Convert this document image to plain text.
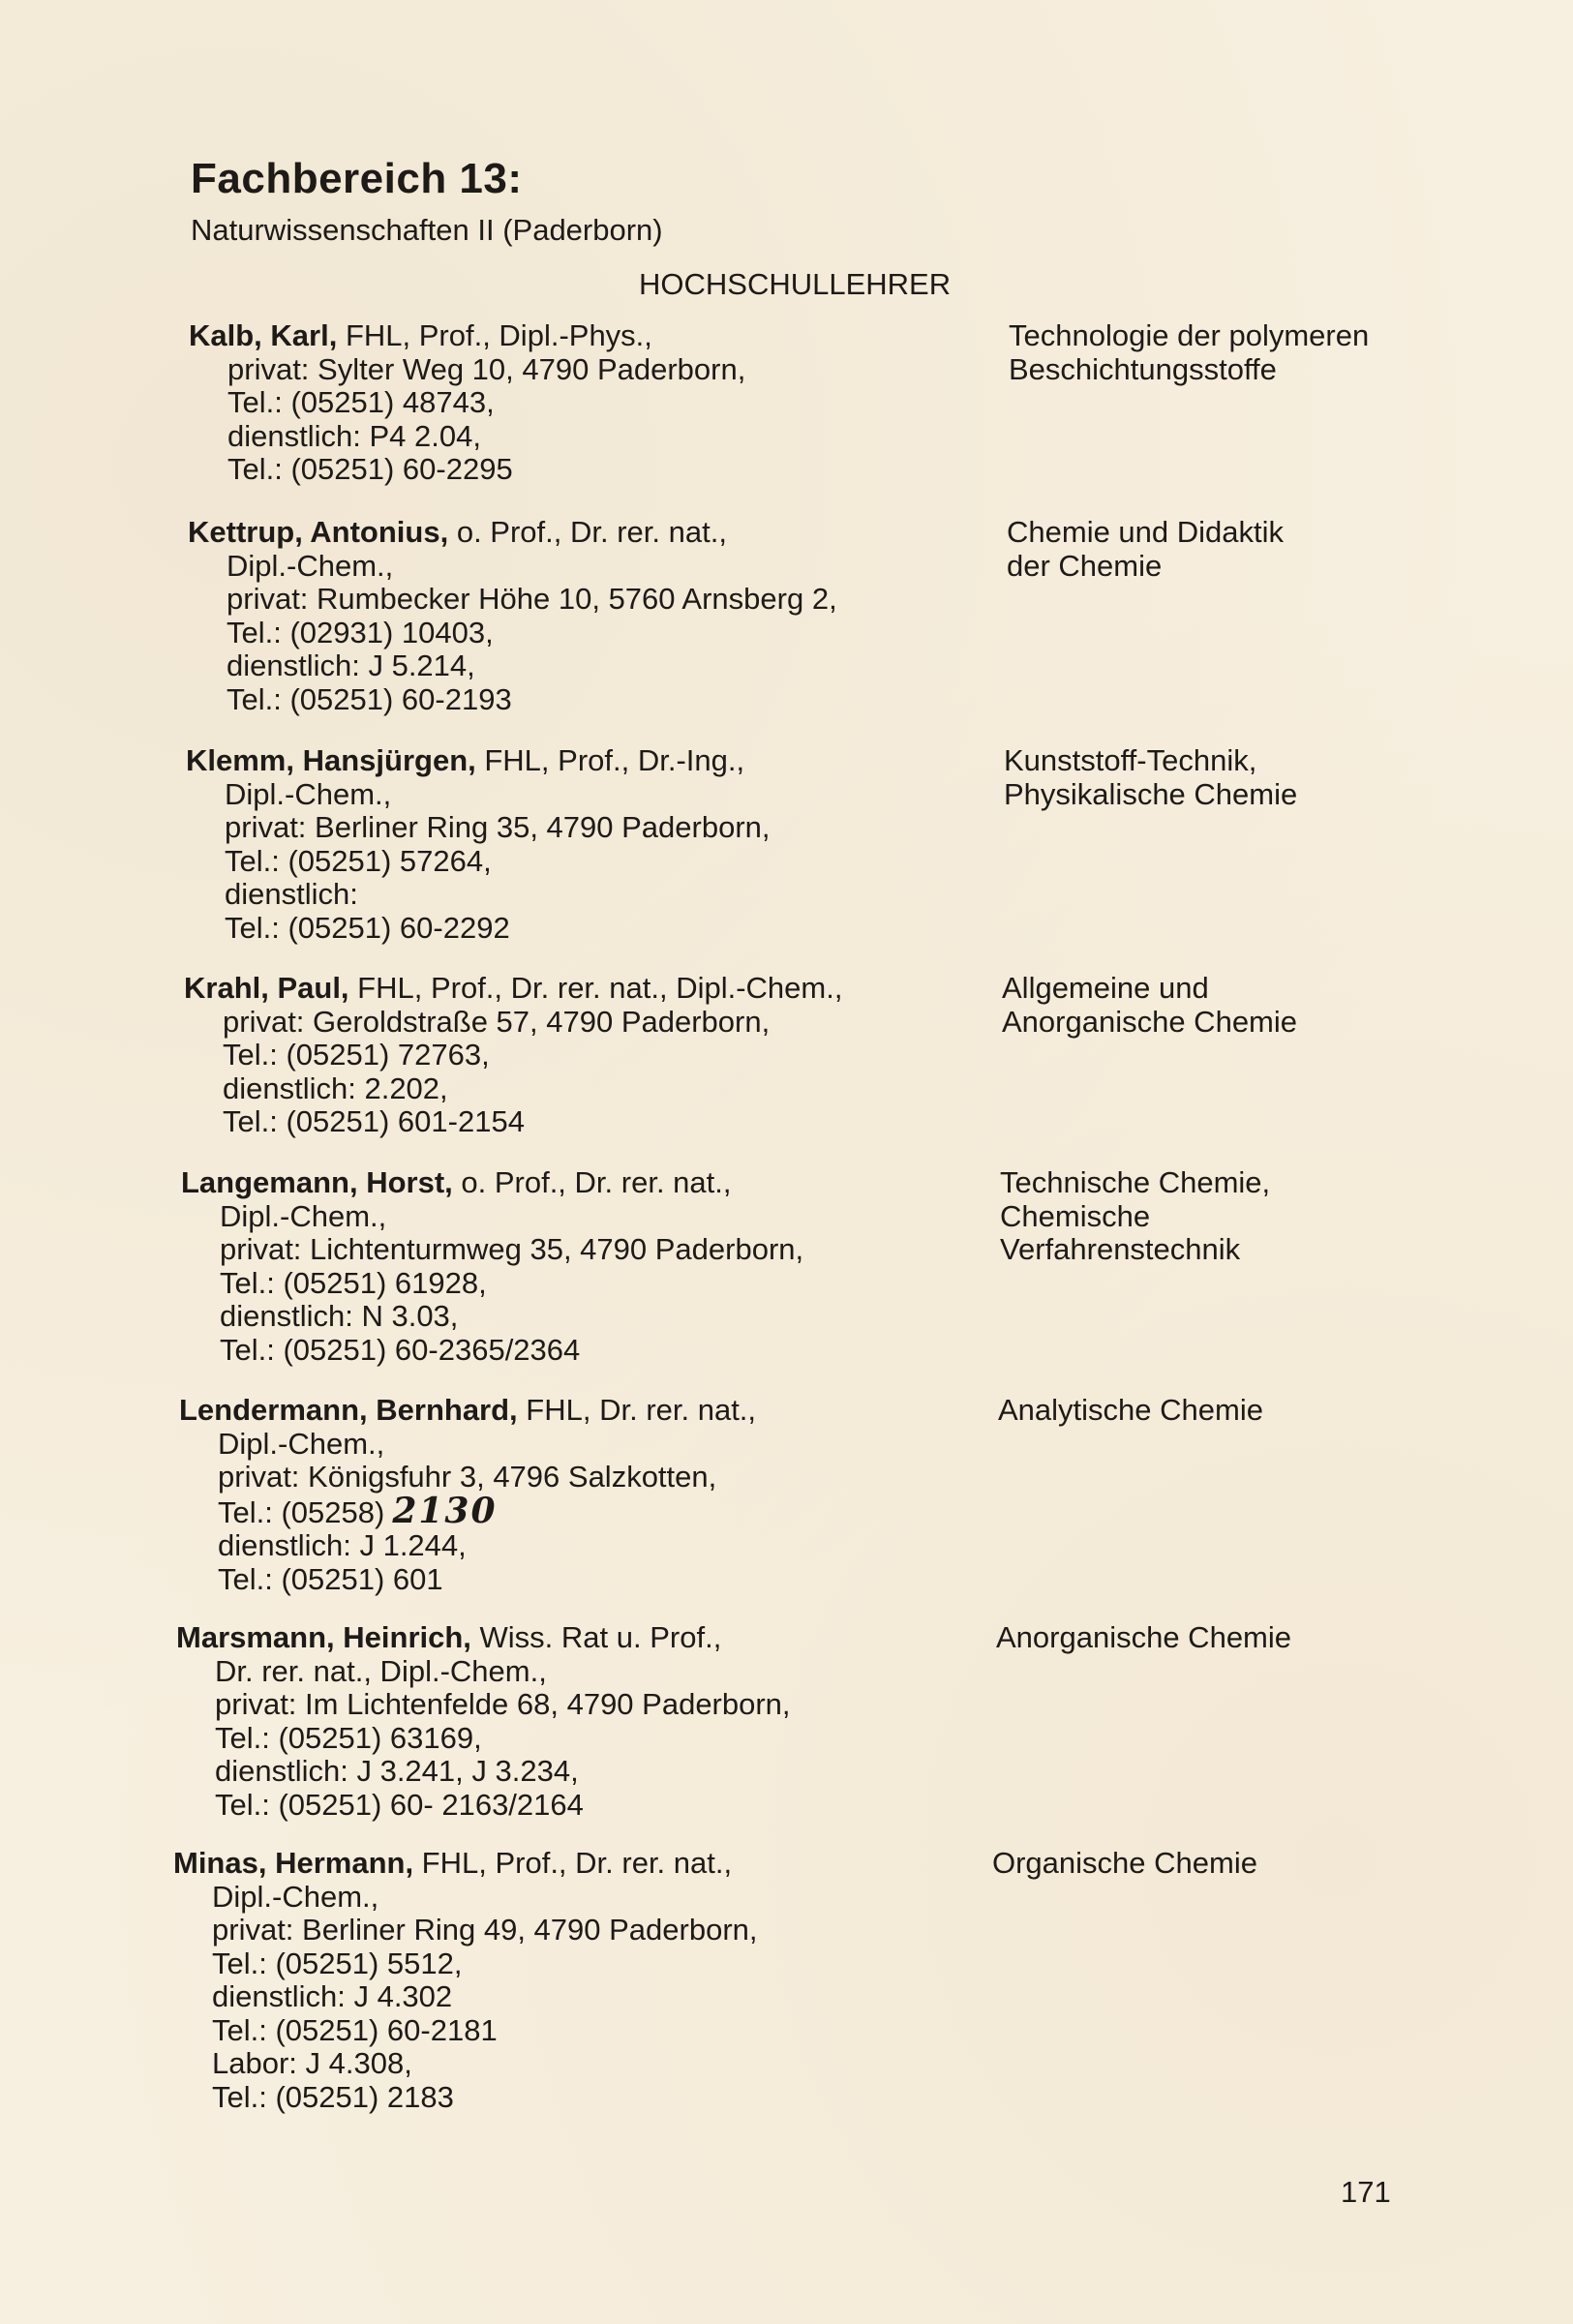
Fachbereich 13:
Naturwissenschaften II (Paderborn)
HOCHSCHULLEHRER
Kalb, Karl, FHL, Prof., Dipl.-Phys.,
privat: Sylter Weg 10, 4790 Paderborn,
Tel.: (05251) 48743,
dienstlich: P4 2.04,
Tel.: (05251) 60-2295
Technologie der polymeren
Beschichtungsstoffe
Kettrup, Antonius, o. Prof., Dr. rer. nat.,
Dipl.-Chem.,
privat: Rumbecker Höhe 10, 5760 Arnsberg 2,
Tel.: (02931) 10403,
dienstlich: J 5.214,
Tel.: (05251) 60-2193
Chemie und Didaktik
der Chemie
Klemm, Hansjürgen, FHL, Prof., Dr.-Ing.,
Dipl.-Chem.,
privat: Berliner Ring 35, 4790 Paderborn,
Tel.: (05251) 57264,
dienstlich:
Tel.: (05251) 60-2292
Kunststoff-Technik,
Physikalische Chemie
Krahl, Paul, FHL, Prof., Dr. rer. nat., Dipl.-Chem.,
privat: Geroldstraße 57, 4790 Paderborn,
Tel.: (05251) 72763,
dienstlich: 2.202,
Tel.: (05251) 601-2154
Allgemeine und
Anorganische Chemie
Langemann, Horst, o. Prof., Dr. rer. nat.,
Dipl.-Chem.,
privat: Lichtenturmweg 35, 4790 Paderborn,
Tel.: (05251) 61928,
dienstlich: N 3.03,
Tel.: (05251) 60-2365/2364
Technische Chemie,
Chemische
Verfahrenstechnik
Lendermann, Bernhard, FHL, Dr. rer. nat.,
Dipl.-Chem.,
privat: Königsfuhr 3, 4796 Salzkotten,
Tel.: (05258) 2130
dienstlich: J 1.244,
Tel.: (05251) 601
Analytische Chemie
Marsmann, Heinrich, Wiss. Rat u. Prof.,
Dr. rer. nat., Dipl.-Chem.,
privat: Im Lichtenfelde 68, 4790 Paderborn,
Tel.: (05251) 63169,
dienstlich: J 3.241, J 3.234,
Tel.: (05251) 60- 2163/2164
Anorganische Chemie
Minas, Hermann, FHL, Prof., Dr. rer. nat.,
Dipl.-Chem.,
privat: Berliner Ring 49, 4790 Paderborn,
Tel.: (05251) 5512,
dienstlich: J 4.302
Tel.: (05251) 60-2181
Labor: J 4.308,
Tel.: (05251) 2183
Organische Chemie
171
